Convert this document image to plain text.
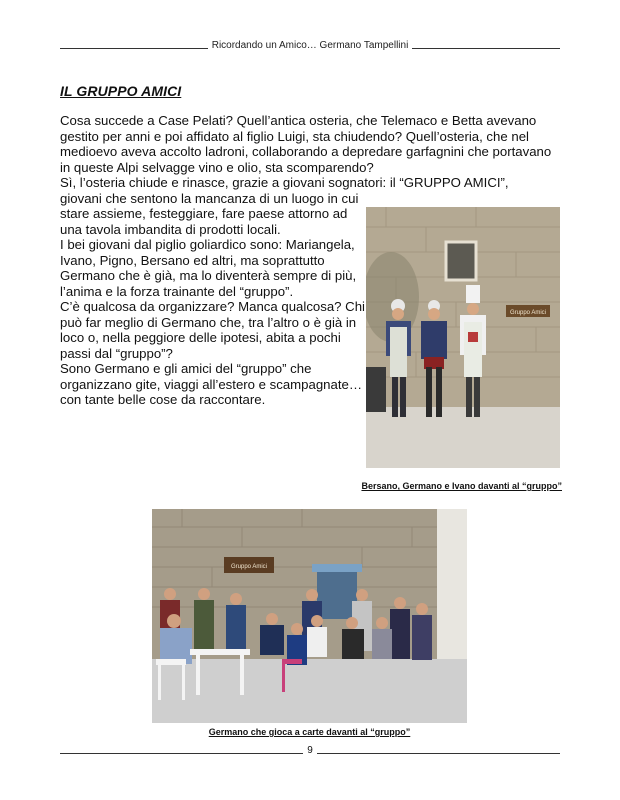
Ricordando un Amico… Germano Tampellini
IL GRUPPO AMICI

Cosa succede a Case Pelati? Quell’antica osteria, che Telemaco e Betta avevano gestito per anni e poi affidato al figlio Luigi, sta chiudendo? Quell’osteria, che nel medioevo aveva accolto ladroni, collaborando a depredare garfagnini che portavano in queste Alpi selvagge vino e olio, sta scomparendo?

Sì, l’osteria chiude e rinasce, grazie a giovani sognatori: il “GRUPPO AMICI”,

giovani che sentono la mancanza di un luogo in cui stare assieme, festeggiare, fare paese attorno ad una tavola imbandita di prodotti locali.

I bei giovani dal piglio goliardico sono: Mariangela, Ivano, Pigno, Bersano ed altri, ma soprattutto Germano che è già, ma lo diventerà sempre di più, l’anima e la forza trainante del “gruppo”.

C’è qualcosa da organizzare? Manca qualcosa? Chi può far meglio di Germano che, tra l’altro o è già in loco o, nella peggiore delle ipotesi, abita a pochi passi dal “gruppo”?

Sono Germano e gli amici del “gruppo” che organizzano gite, viaggi all’estero e scampagnate… con tante belle cose da raccontare.

Gruppo Amici
Bersano, Germano e Ivano davanti al “gruppo”
Gruppo Amici
Germano che gioca a carte davanti al “gruppo”
9
